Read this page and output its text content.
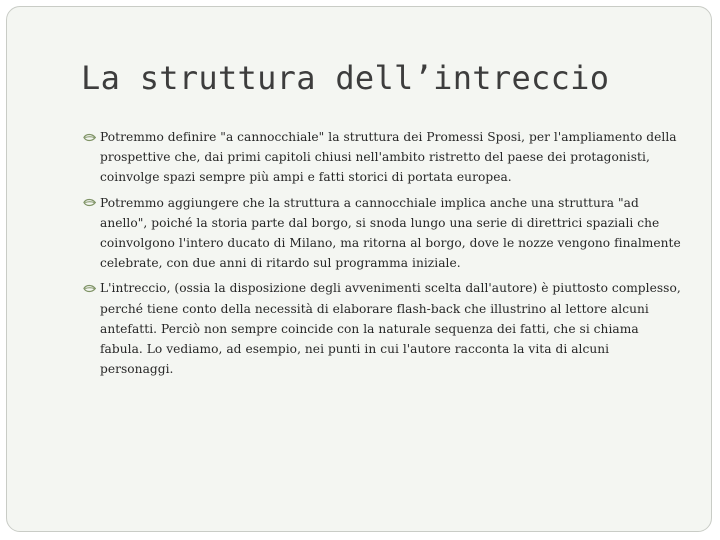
La struttura dell’intreccio
Potremmo definire "a cannocchiale" la struttura dei Promessi Sposi, per l'ampliamento della prospettive che, dai primi capitoli chiusi nell'ambito ristretto del paese dei protagonisti, coinvolge spazi sempre più ampi e fatti storici di portata europea.
Potremmo aggiungere che la struttura a cannocchiale implica anche una struttura "ad anello", poiché la storia parte dal borgo, si snoda lungo una serie di direttrici spaziali che coinvolgono l'intero ducato di Milano, ma ritorna al borgo, dove le nozze vengono finalmente celebrate, con due anni di ritardo sul programma iniziale.
L'intreccio, (ossia la disposizione degli avvenimenti scelta dall'autore) è piuttosto complesso, perché tiene conto della necessità di elaborare flash-back che illustrino al lettore alcuni antefatti. Perciò non sempre coincide con la naturale sequenza dei fatti, che si chiama fabula. Lo vediamo, ad esempio, nei punti in cui l'autore racconta la vita di alcuni personaggi.
